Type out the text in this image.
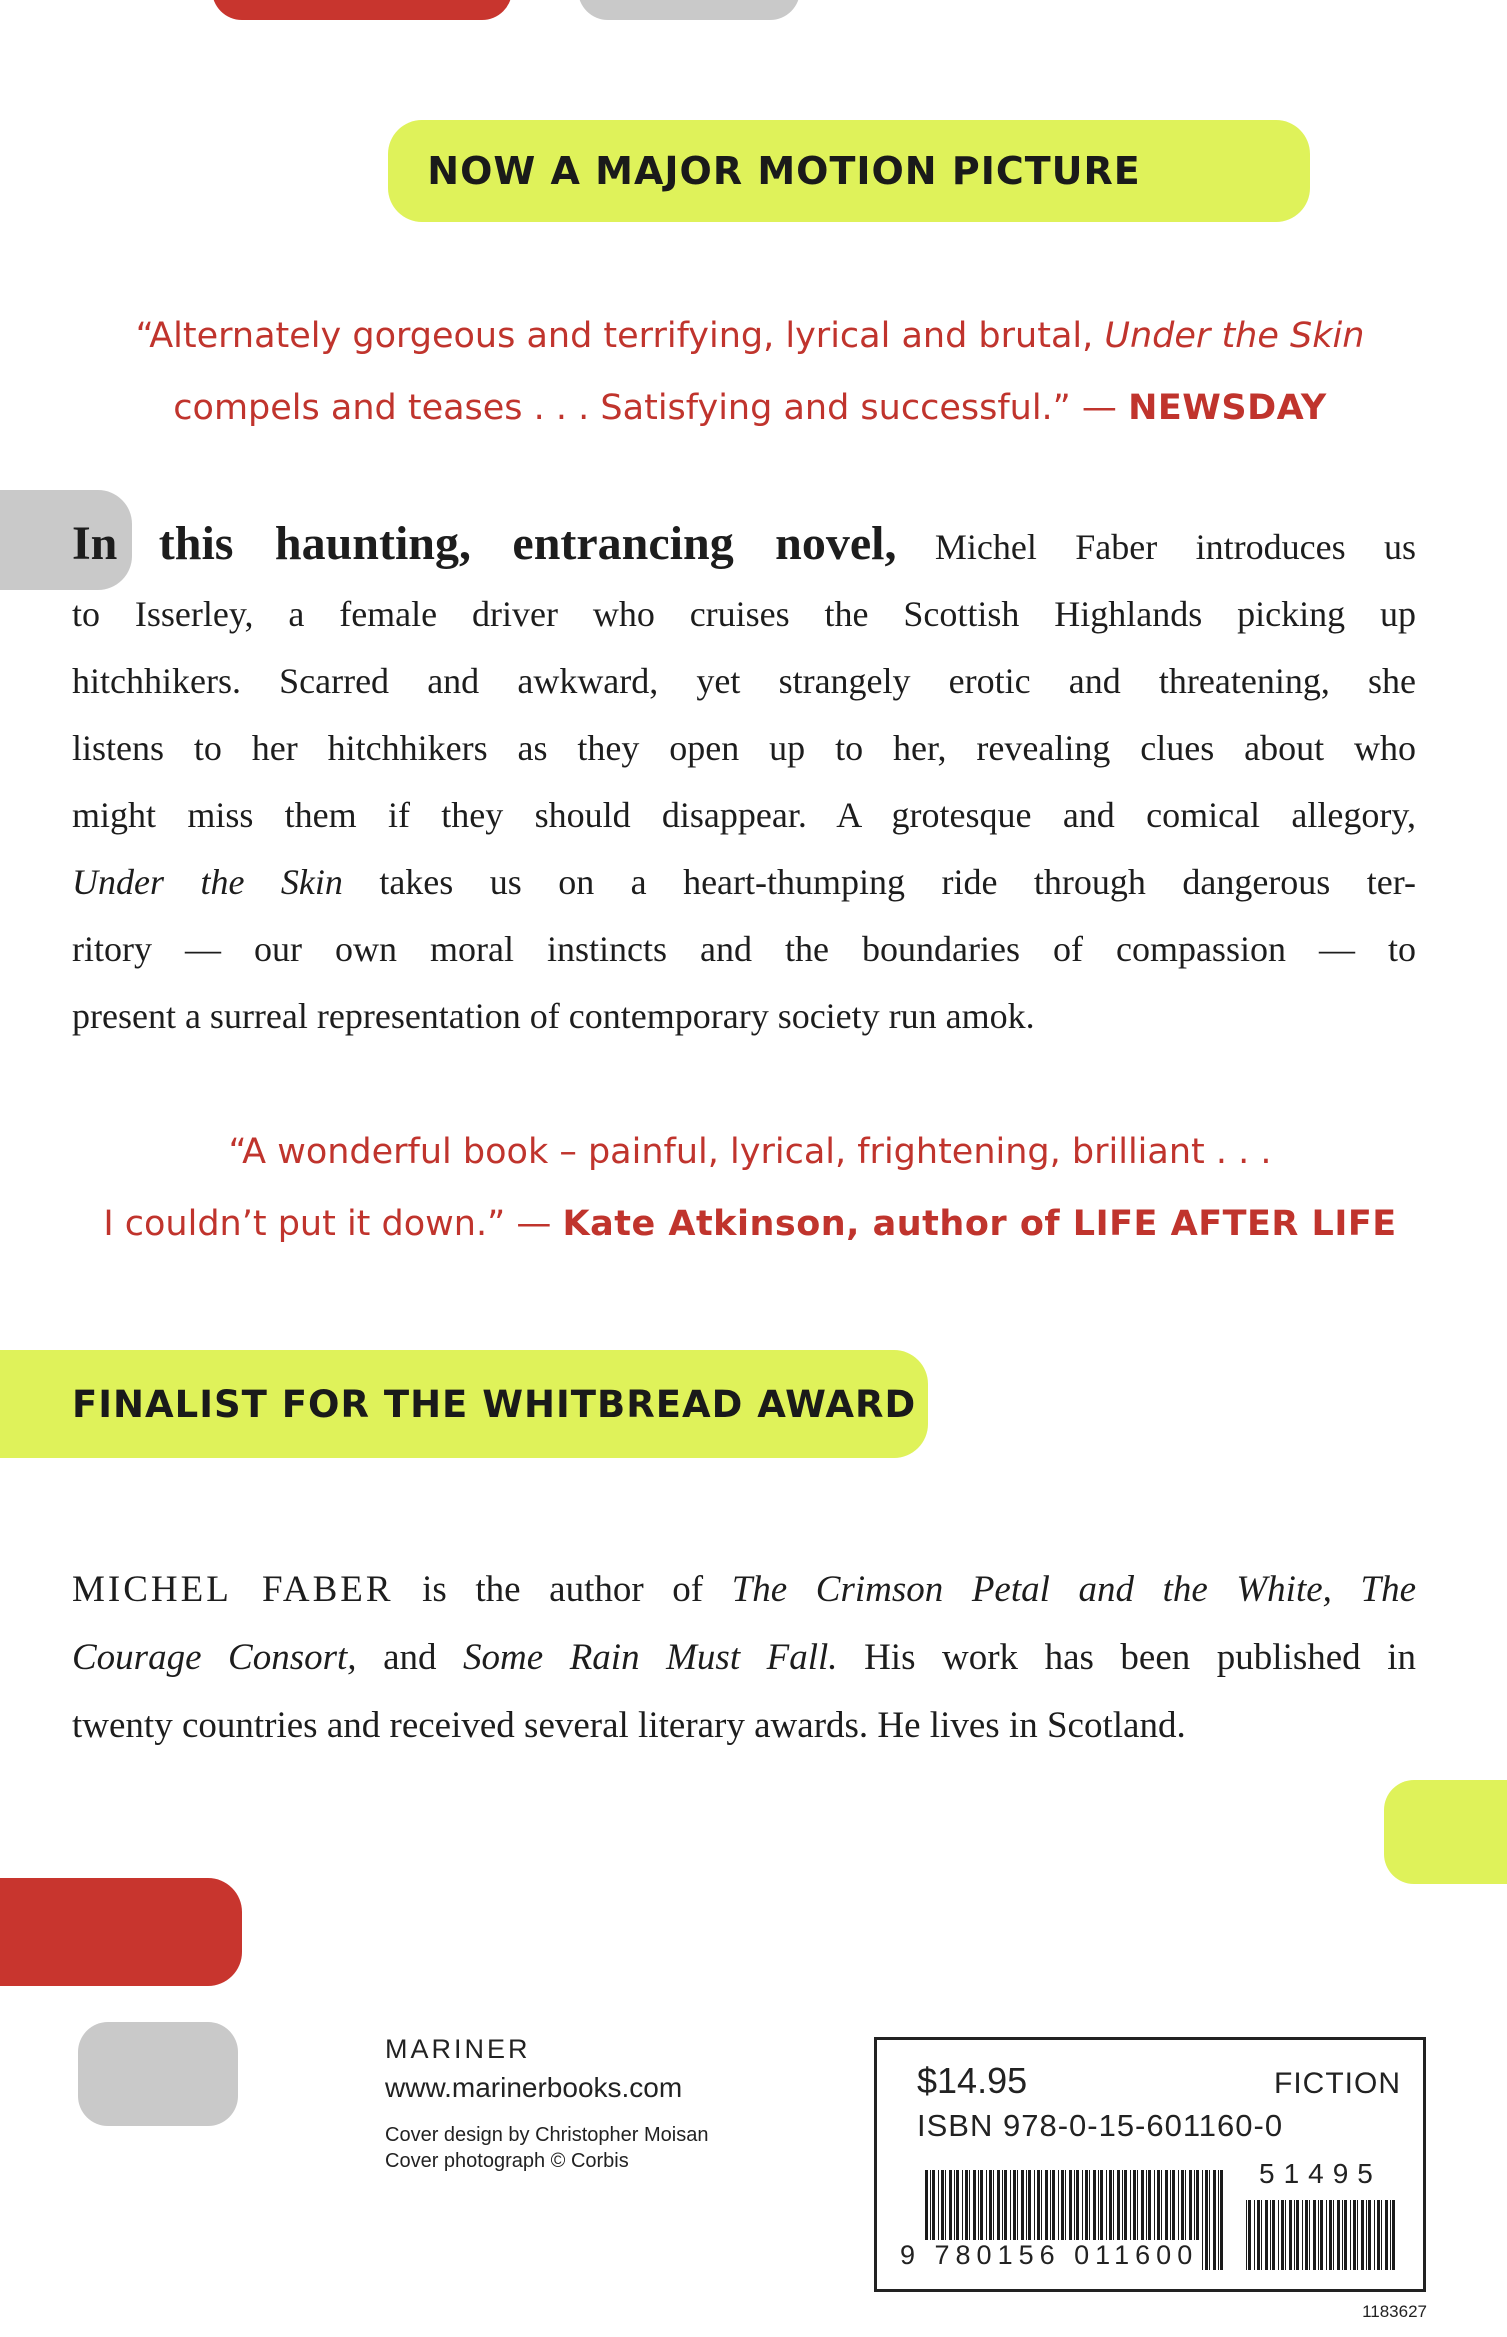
NOW A MAJOR MOTION PICTURE
“Alternately gorgeous and terrifying, lyrical and brutal, Under the Skin
compels and teases . . . Satisfying and successful.” — NEWSDAY
In this haunting, entrancing novel, Michel Faber introduces us
to Isserley, a female driver who cruises the Scottish Highlands picking up
hitchhikers. Scarred and awkward, yet strangely erotic and threatening, she
listens to her hitchhikers as they open up to her, revealing clues about who
might miss them if they should disappear. A grotesque and comical allegory,
Under the Skin takes us on a heart-thumping ride through dangerous ter-
ritory — our own moral instincts and the boundaries of compassion — to
present a surreal representation of contemporary society run amok.
“A wonderful book – painful, lyrical, frightening, brilliant . . .
I couldn’t put it down.” — Kate Atkinson, author of LIFE AFTER LIFE
FINALIST FOR THE WHITBREAD AWARD
MICHEL FABER is the author of The Crimson Petal and the White, The
Courage Consort, and Some Rain Must Fall. His work has been published in
twenty countries and received several literary awards. He lives in Scotland.
MARINER
www.marinerbooks.com
Cover design by Christopher Moisan
Cover photograph © Corbis
$14.95	FICTION
ISBN 978-0-15-601160-0
51495
9 780156 011600
1183627
